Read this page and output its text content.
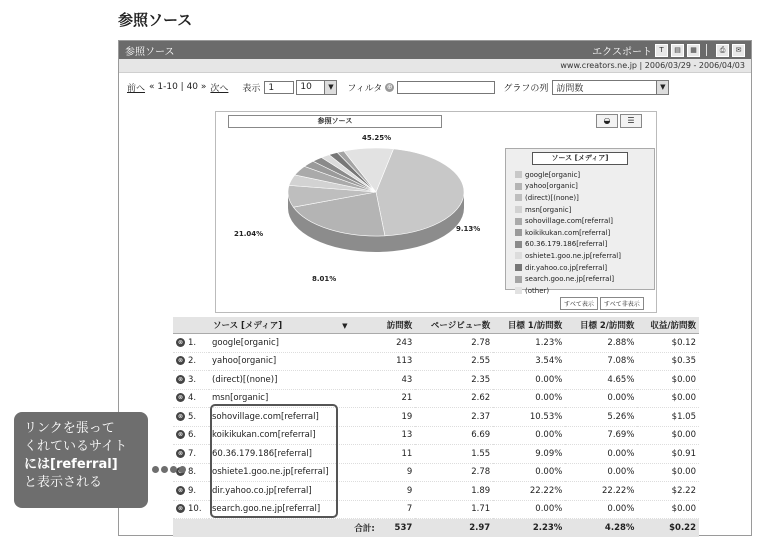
参照ソース
参照ソース	エクスポート	T	▤	▦	⎙	✉
www.creators.ne.jp | 2006/03/29 - 2006/04/03
前へ « 1-10 | 40 » 次へ 表示 1	10	▼	フィルタ ⊕	グラフの列 訪問数	▼
参照ソース	◒	☰
45.25%
9.13%
21.04%
8.01%
ソース [メディア]
google[organic]
yahoo[organic]
(direct)[(none)]
msn[organic]
sohovillage.com[referral]
koikikukan.com[referral]
60.36.179.186[referral]
oshiete1.goo.ne.jp[referral]
dir.yahoo.co.jp[referral]
search.goo.ne.jp[referral]
(other)
すべて表示	すべて非表示
ソース [メディア] ▼		訪問数	ページビュー数	目標 1/訪問数	目標 2/訪問数	収益/訪問数
⊗ 1.	google[organic]	243	2.78	1.23%	2.88%	$0.12
⊗ 2.	yahoo[organic]	113	2.55	3.54%	7.08%	$0.35
⊗ 3.	(direct)[(none)]	43	2.35	0.00%	4.65%	$0.00
⊗ 4.	msn[organic]	21	2.62	0.00%	0.00%	$0.00
⊗ 5.	sohovillage.com[referral]	19	2.37	10.53%	5.26%	$1.05
⊗ 6.	koikikukan.com[referral]	13	6.69	0.00%	7.69%	$0.00
⊗ 7.	60.36.179.186[referral]	11	1.55	9.09%	0.00%	$0.91
8.	oshiete1.goo.ne.jp[referral]	9	2.78	0.00%	0.00%	$0.00
⊗ 9.	dir.yahoo.co.jp[referral]	9	1.89	22.22%	22.22%	$2.22
⊗ 10.	search.goo.ne.jp[referral]	7	1.71	0.00%	0.00%	$0.00
合計:		537	2.97	2.23%	4.28%	$0.22
リンクを張って
くれているサイト
には[referral]
と表示される
